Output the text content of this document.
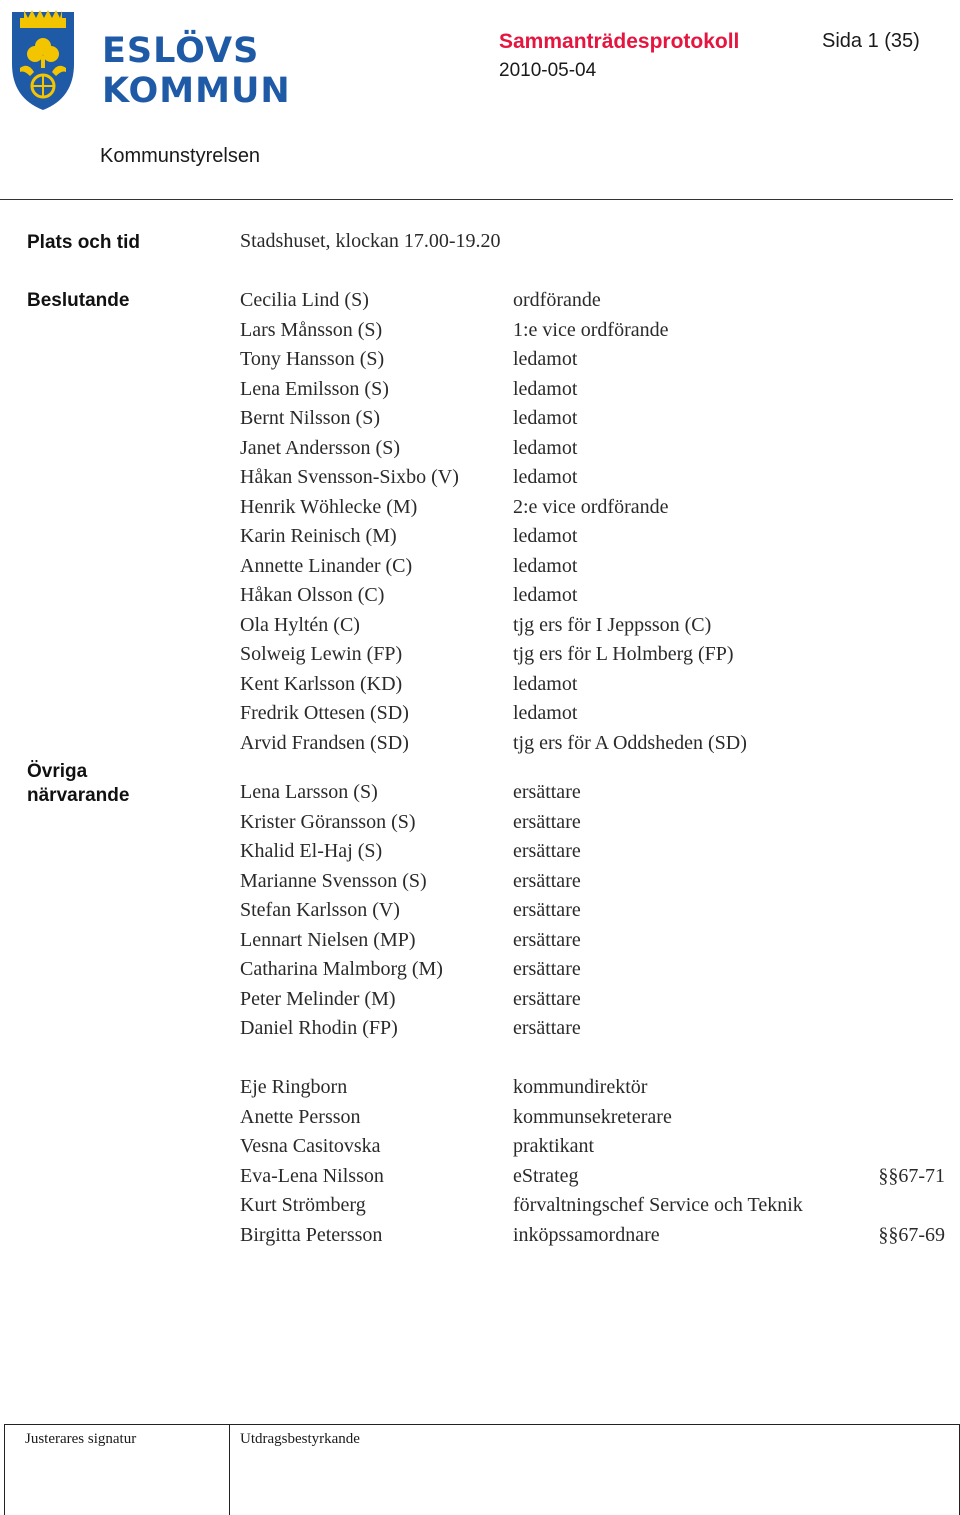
ESLÖVS
KOMMUN
Sammanträdesprotokoll	Sida 1 (35)
2010-05-04
Kommunstyrelsen
Plats och tid	Stadshuset, klockan 17.00-19.20
Beslutande
Övriga
närvarande
Cecilia Lind (S)	ordförande
Lars Månsson (S)	1:e vice ordförande
Tony Hansson (S)	ledamot
Lena Emilsson (S)	ledamot
Bernt Nilsson (S)	ledamot
Janet Andersson (S)	ledamot
Håkan Svensson-Sixbo (V)	ledamot
Henrik Wöhlecke (M)	2:e vice ordförande
Karin Reinisch (M)	ledamot
Annette Linander (C)	ledamot
Håkan Olsson (C)	ledamot
Ola Hyltén (C)	tjg ers för I Jeppsson (C)
Solweig Lewin (FP)	tjg ers för L Holmberg (FP)
Kent Karlsson (KD)	ledamot
Fredrik Ottesen (SD)	ledamot
Arvid Frandsen (SD)	tjg ers för A Oddsheden (SD)
Lena Larsson (S)	ersättare
Krister Göransson (S)	ersättare
Khalid El-Haj (S)	ersättare
Marianne Svensson (S)	ersättare
Stefan Karlsson (V)	ersättare
Lennart Nielsen (MP)	ersättare
Catharina Malmborg (M)	ersättare
Peter Melinder (M)	ersättare
Daniel Rhodin (FP)	ersättare
Eje Ringborn	kommundirektör
Anette Persson	kommunsekreterare
Vesna Casitovska	praktikant
Eva-Lena Nilsson	eStrateg	§§67-71
Kurt Strömberg	förvaltningschef Service och Teknik
Birgitta Petersson	inköpssamordnare	§§67-69
Justerares signatur	Utdragsbestyrkande
